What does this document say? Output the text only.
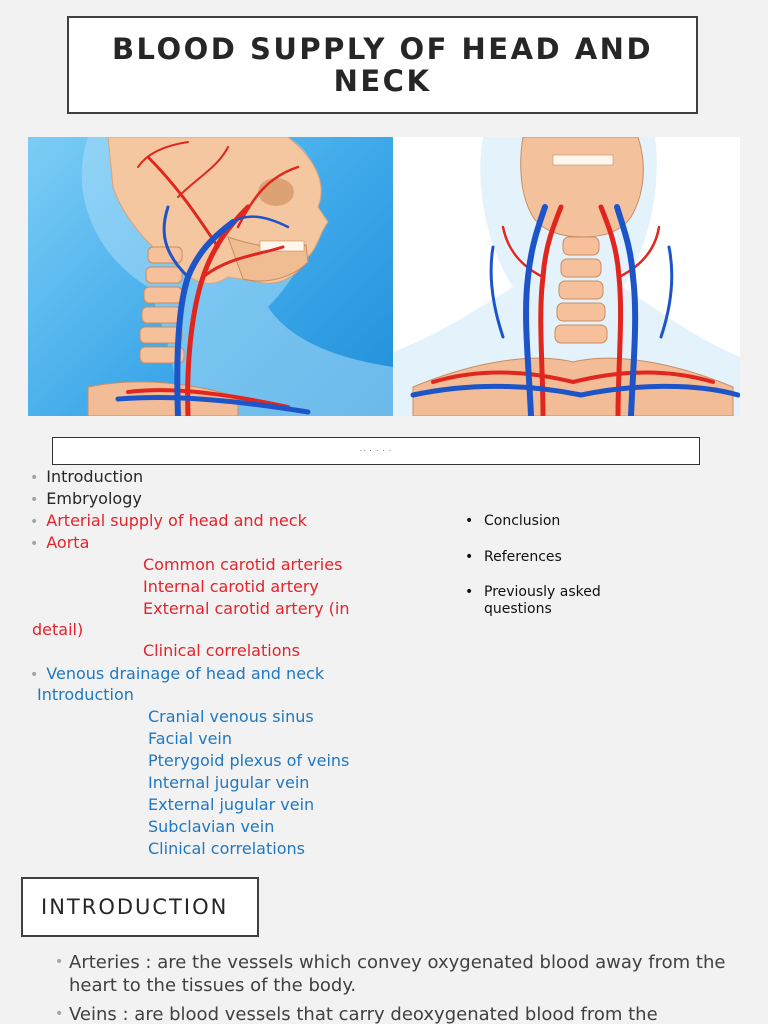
BLOOD SUPPLY OF HEAD AND NECK
·· · · · ·
• Introduction
• Embryology
• Arterial supply of head and neck
• Aorta
Common carotid arteries
Internal carotid artery
External carotid artery (in
detail)
Clinical correlations
• Venous drainage of head and neck
Introduction
Cranial venous sinus
Facial vein
Pterygoid plexus of veins
Internal jugular vein
External jugular vein
Subclavian vein
Clinical correlations
• Conclusion
• References
• Previously asked
questions
INTRODUCTION
• Arteries : are the vessels which convey oxygenated blood away from the heart to the tissues of the body.
• Veins : are blood vessels that carry deoxygenated blood from the
